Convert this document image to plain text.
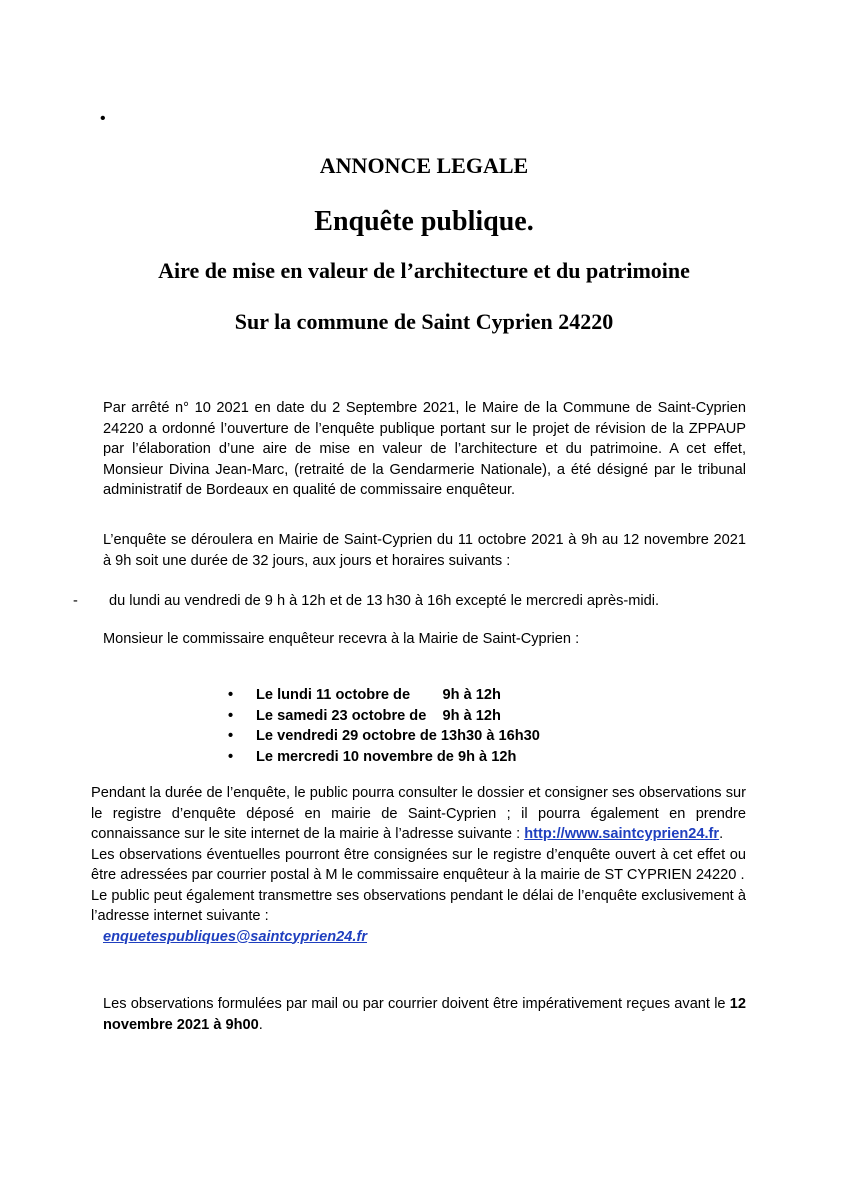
•
ANNONCE LEGALE
Enquête publique.
Aire de mise en valeur de l’architecture et du patrimoine
Sur la commune de Saint Cyprien 24220
Par arrêté n° 10 2021 en date du 2 Septembre 2021, le Maire de la Commune de Saint-Cyprien 24220 a ordonné l’ouverture de l’enquête publique portant sur le projet de révision de la ZPPAUP par l’élaboration d’une aire de mise en valeur de l’architecture et du patrimoine. A cet effet, Monsieur Divina Jean-Marc, (retraité de la Gendarmerie Nationale), a été désigné par le tribunal administratif de Bordeaux en qualité de commissaire enquêteur.
L’enquête se déroulera en Mairie de Saint-Cyprien du 11 octobre 2021 à 9h au 12 novembre 2021 à 9h soit une durée de 32 jours, aux jours et horaires suivants :
- du lundi au vendredi de 9 h à 12h et de 13 h30 à 16h excepté le mercredi après-midi.
Monsieur le commissaire enquêteur recevra à la Mairie de Saint-Cyprien :
• Le lundi 11 octobre de        9h à 12h
• Le samedi 23 octobre de    9h à 12h
• Le vendredi 29 octobre de 13h30 à 16h30
• Le mercredi 10 novembre de 9h à 12h
Pendant la durée de l’enquête, le public pourra consulter le dossier et consigner ses observations sur le registre d’enquête déposé en mairie de Saint-Cyprien ; il pourra également en prendre connaissance sur le site internet de la mairie à l’adresse suivante : http://www.saintcyprien24.fr.
Les observations éventuelles pourront être consignées sur le registre d’enquête ouvert à cet effet ou être adressées par courrier postal à M le commissaire enquêteur à la mairie de ST CYPRIEN 24220 .
Le public peut également transmettre ses observations pendant le délai de l’enquête exclusivement à l’adresse internet suivante :
enquetespubliques@saintcyprien24.fr
Les observations formulées par mail ou par courrier doivent être impérativement reçues avant le 12 novembre 2021 à 9h00.
